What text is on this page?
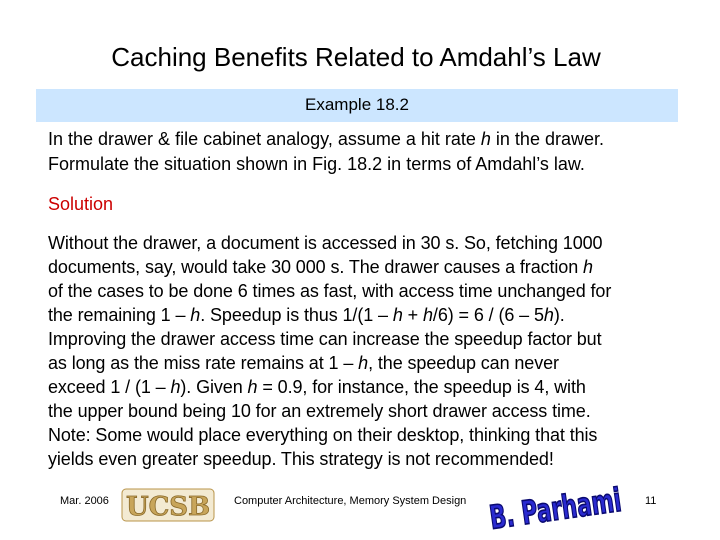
Caching Benefits Related to Amdahl’s Law
Example 18.2
In the drawer & file cabinet analogy, assume a hit rate h in the drawer.
Formulate the situation shown in Fig. 18.2 in terms of Amdahl’s law.
Solution
Without the drawer, a document is accessed in 30 s. So, fetching 1000
documents, say, would take 30 000 s. The drawer causes a fraction h
of the cases to be done 6 times as fast, with access time unchanged for
the remaining 1 – h. Speedup is thus 1/(1 – h + h/6) = 6 / (6 – 5h).
Improving the drawer access time can increase the speedup factor but
as long as the miss rate remains at 1 – h, the speedup can never
exceed 1 / (1 – h). Given h = 0.9, for instance, the speedup is 4, with
the upper bound being 10 for an extremely short drawer access time.
Note: Some would place everything on their desktop, thinking that this
yields even greater speedup. This strategy is not recommended!
Mar. 2006 UCSB Computer Architecture, Memory System Design B. Parhami 11
